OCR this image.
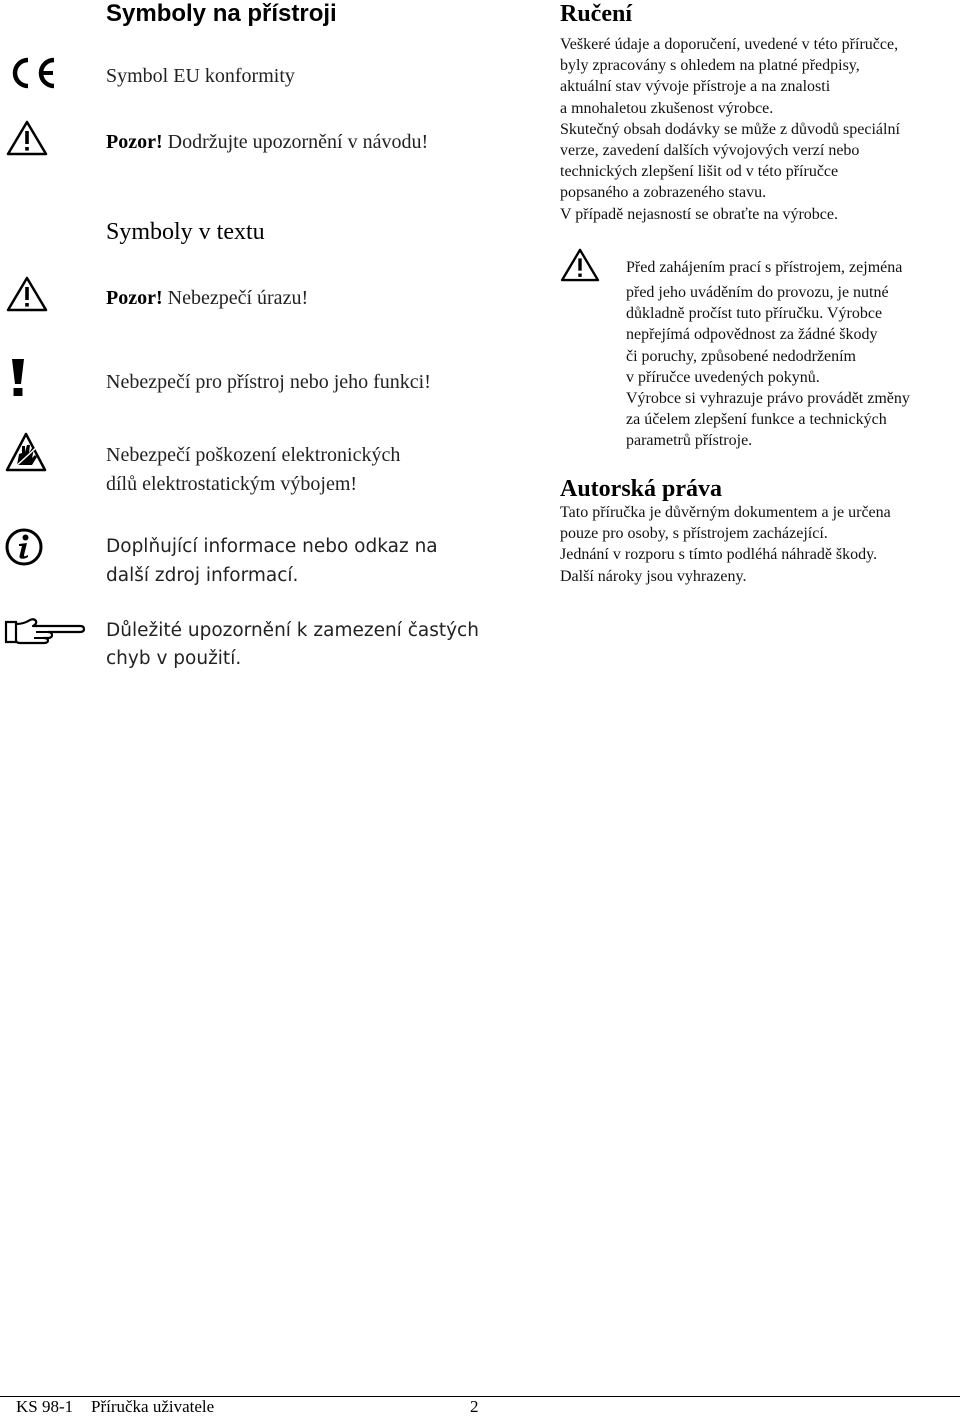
Symboly na přístroji
Symbol EU konformity
Pozor! Dodržujte upozornění v návodu!
Symboly v textu
Pozor! Nebezpečí úrazu!
Nebezpečí pro přístroj nebo jeho funkci!
Nebezpečí poškození elektronických
dílů elektrostatickým výbojem!
Doplňující informace nebo odkaz na
další zdroj informací.
Důležité upozornění k zamezení častých
chyb v použití.
Ručení
Veškeré údaje a doporučení, uvedené v této příručce,
byly zpracovány s ohledem na platné předpisy,
aktuální stav vývoje přístroje a na znalosti
a mnohaletou zkušenost výrobce.
Skutečný obsah dodávky se může z důvodů speciální
verze, zavedení dalších vývojových verzí nebo
technických zlepšení lišit od v této příručce
popsaného a zobrazeného stavu.
V případě nejasností se obraťte na výrobce.
Před zahájením prací s přístrojem, zejména
před jeho uváděním do provozu, je nutné
důkladně pročíst tuto příručku. Výrobce
nepřejímá odpovědnost za žádné škody
či poruchy, způsobené nedodržením
v příručce uvedených pokynů.
Výrobce si vyhrazuje právo provádět změny
za účelem zlepšení funkce a technických
parametrů přístroje.
Autorská práva
Tato příručka je důvěrným dokumentem a je určena
pouze pro osoby, s přístrojem zacházející.
Jednání v rozporu s tímto podléhá náhradě škody.
Další nároky jsou vyhrazeny.
KS 98-1 Příručka uživatele	2
